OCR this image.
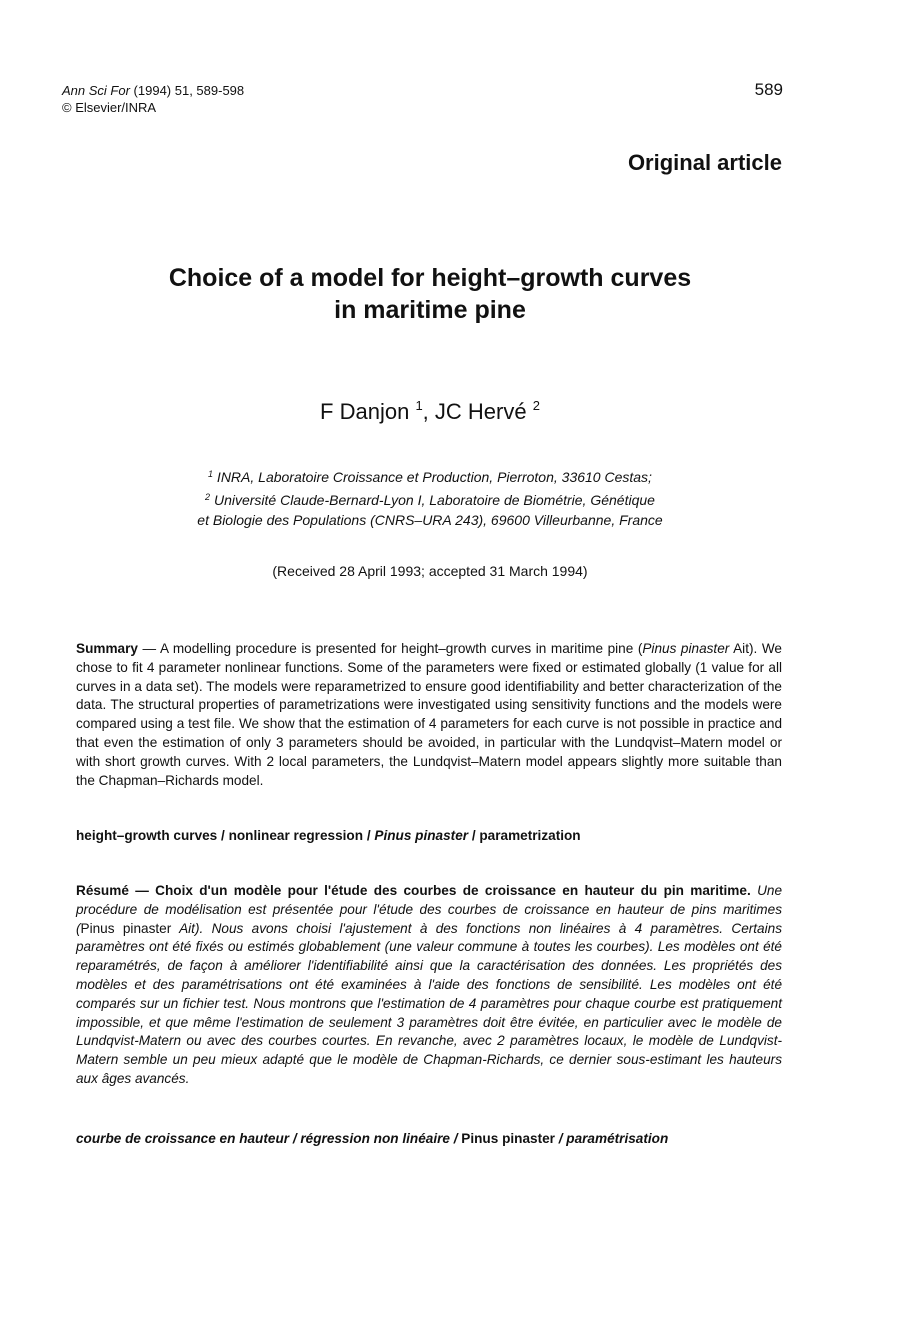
Ann Sci For (1994) 51, 589-598
© Elsevier/INRA
589
Original article
Choice of a model for height–growth curves
in maritime pine
F Danjon $^1$, JC Hervé $^2$
$^1$ INRA, Laboratoire Croissance et Production, Pierroton, 33610 Cestas;
$^2$ Université Claude-Bernard-Lyon I, Laboratoire de Biométrie, Génétique
et Biologie des Populations (CNRS–URA 243), 69600 Villeurbanne, France
(Received 28 April 1993; accepted 31 March 1994)
Summary — A modelling procedure is presented for height–growth curves in maritime pine (Pinus pinaster Ait). We chose to fit 4 parameter nonlinear functions. Some of the parameters were fixed or estimated globally (1 value for all curves in a data set). The models were reparametrized to ensure good identifiability and better characterization of the data. The structural properties of parametrizations were investigated using sensitivity functions and the models were compared using a test file. We show that the estimation of 4 parameters for each curve is not possible in practice and that even the estimation of only 3 parameters should be avoided, in particular with the Lundqvist–Matern model or with short growth curves. With 2 local parameters, the Lundqvist–Matern model appears slightly more suitable than the Chapman–Richards model.
height–growth curves / nonlinear regression / Pinus pinaster / parametrization
Résumé — Choix d'un modèle pour l'étude des courbes de croissance en hauteur du pin maritime. Une procédure de modélisation est présentée pour l'étude des courbes de croissance en hauteur de pins maritimes (Pinus pinaster Ait). Nous avons choisi l'ajustement à des fonctions non linéaires à 4 paramètres. Certains paramètres ont été fixés ou estimés globablement (une valeur commune à toutes les courbes). Les modèles ont été reparamétrés, de façon à améliorer l'identifiabilité ainsi que la caractérisation des données. Les propriétés des modèles et des paramétrisations ont été examinées à l'aide des fonctions de sensibilité. Les modèles ont été comparés sur un fichier test. Nous montrons que l'estimation de 4 paramètres pour chaque courbe est pratiquement impossible, et que même l'estimation de seulement 3 paramètres doit être évitée, en particulier avec le modèle de Lundqvist-Matern ou avec des courbes courtes. En revanche, avec 2 paramètres locaux, le modèle de Lundqvist-Matern semble un peu mieux adapté que le modèle de Chapman-Richards, ce dernier sous-estimant les hauteurs aux âges avancés.
courbe de croissance en hauteur / régression non linéaire / Pinus pinaster / paramétrisation
